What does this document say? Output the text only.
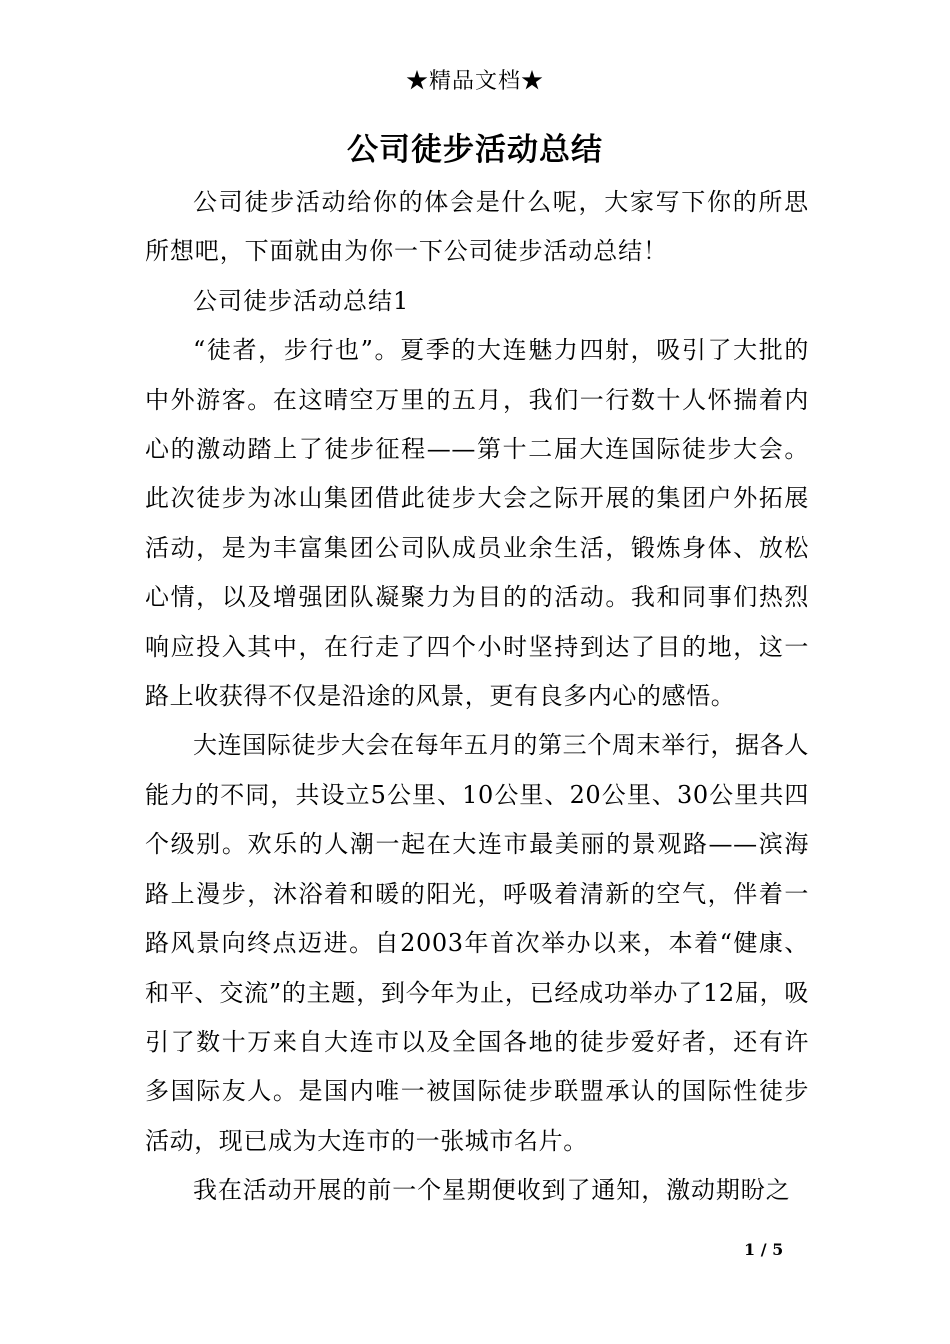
★精品文档★
公司徒步活动总结

公司徒步活动给你的体会是什么呢，大家写下你的所思所想吧，下面就由为你一下公司徒步活动总结！

公司徒步活动总结1

“徒者，步行也”。夏季的大连魅力四射，吸引了大批的中外游客。在这晴空万里的五月，我们一行数十人怀揣着内心的激动踏上了徒步征程——第十二届大连国际徒步大会。此次徒步为冰山集团借此徒步大会之际开展的集团户外拓展活动，是为丰富集团公司队成员业余生活，锻炼身体、放松心情，以及增强团队凝聚力为目的的活动。我和同事们热烈响应投入其中，在行走了四个小时坚持到达了目的地，这一路上收获得不仅是沿途的风景，更有良多内心的感悟。

大连国际徒步大会在每年五月的第三个周末举行，据各人能力的不同，共设立5公里、10公里、20公里、30公里共四个级别。欢乐的人潮一起在大连市最美丽的景观路——滨海路上漫步，沐浴着和暖的阳光，呼吸着清新的空气，伴着一路风景向终点迈进。自2003年首次举办以来，本着“健康、和平、交流”的主题，到今年为止，已经成功举办了12届，吸引了数十万来自大连市以及全国各地的徒步爱好者，还有许多国际友人。是国内唯一被国际徒步联盟承认的国际性徒步活动，现已成为大连市的一张城市名片。

我在活动开展的前一个星期便收到了通知，激动期盼之

1 / 5
